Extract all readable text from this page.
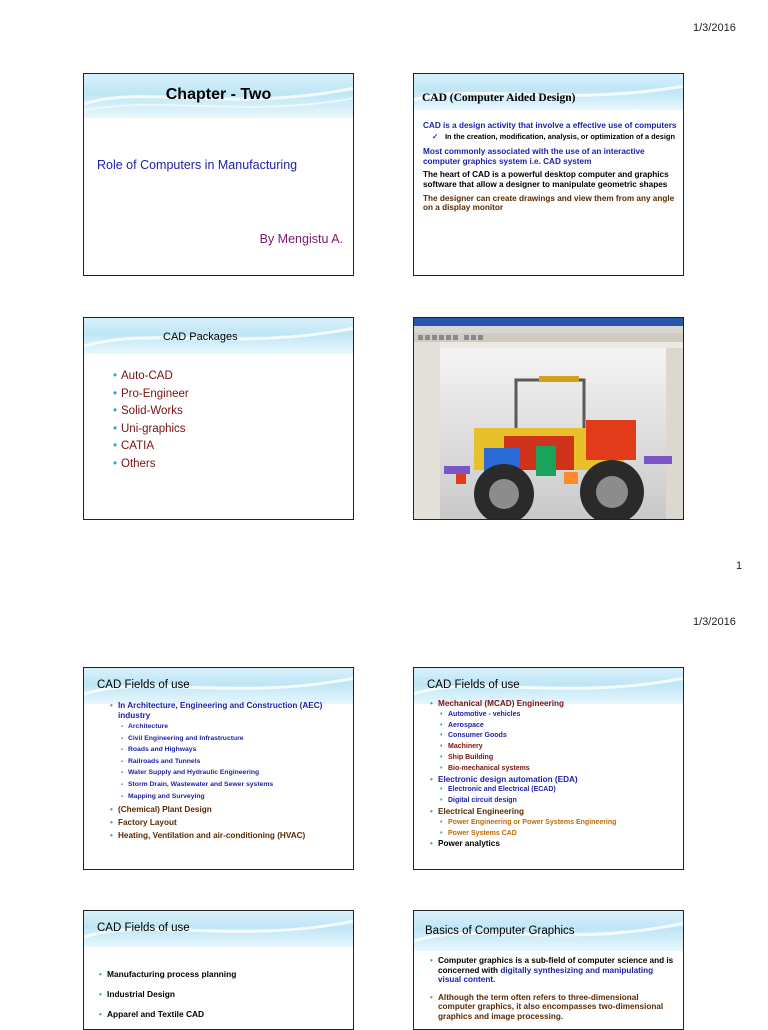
1/3/2016
Chapter - Two
Role of Computers in Manufacturing
By Mengistu A.
CAD (Computer Aided Design)
CAD is a design activity that involve a effective use of computers
✓ In the creation, modification, analysis, or optimization of a design
Most commonly associated with the use of an interactive computer graphics system i.e. CAD system
The heart of CAD is a powerful desktop computer and graphics software that allow a designer to manipulate geometric shapes
The designer can create drawings and view them from any angle on a display monitor
CAD Packages
• Auto-CAD
• Pro-Engineer
• Solid-Works
• Uni-graphics
• CATIA
• Others
1
1/3/2016
CAD Fields of use
• In Architecture, Engineering and Construction (AEC) industry
- Architecture
- Civil Engineering and Infrastructure
- Roads and Highways
- Railroads and Tunnels
- Water Supply and Hydraulic Engineering
- Storm Drain, Wastewater and Sewer systems
- Mapping and Surveying
• (Chemical) Plant Design
• Factory Layout
• Heating, Ventilation and air-conditioning (HVAC)
CAD Fields of use
• Mechanical (MCAD) Engineering
• Automotive - vehicles
• Aerospace
• Consumer Goods
• Machinery
• Ship Building
• Bio-mechanical systems
• Electronic design automation (EDA)
• Electronic and Electrical (ECAD)
• Digital circuit design
• Electrical Engineering
• Power Engineering or Power Systems Engineering
• Power Systems CAD
• Power analytics
CAD Fields of use
• Manufacturing process planning
• Industrial Design
• Apparel and Textile CAD
Basics of Computer Graphics
• Computer graphics is a sub-field of computer science and is concerned with digitally synthesizing and manipulating visual content.
• Although the term often refers to three-dimensional computer graphics, it also encompasses two-dimensional graphics and image processing.
